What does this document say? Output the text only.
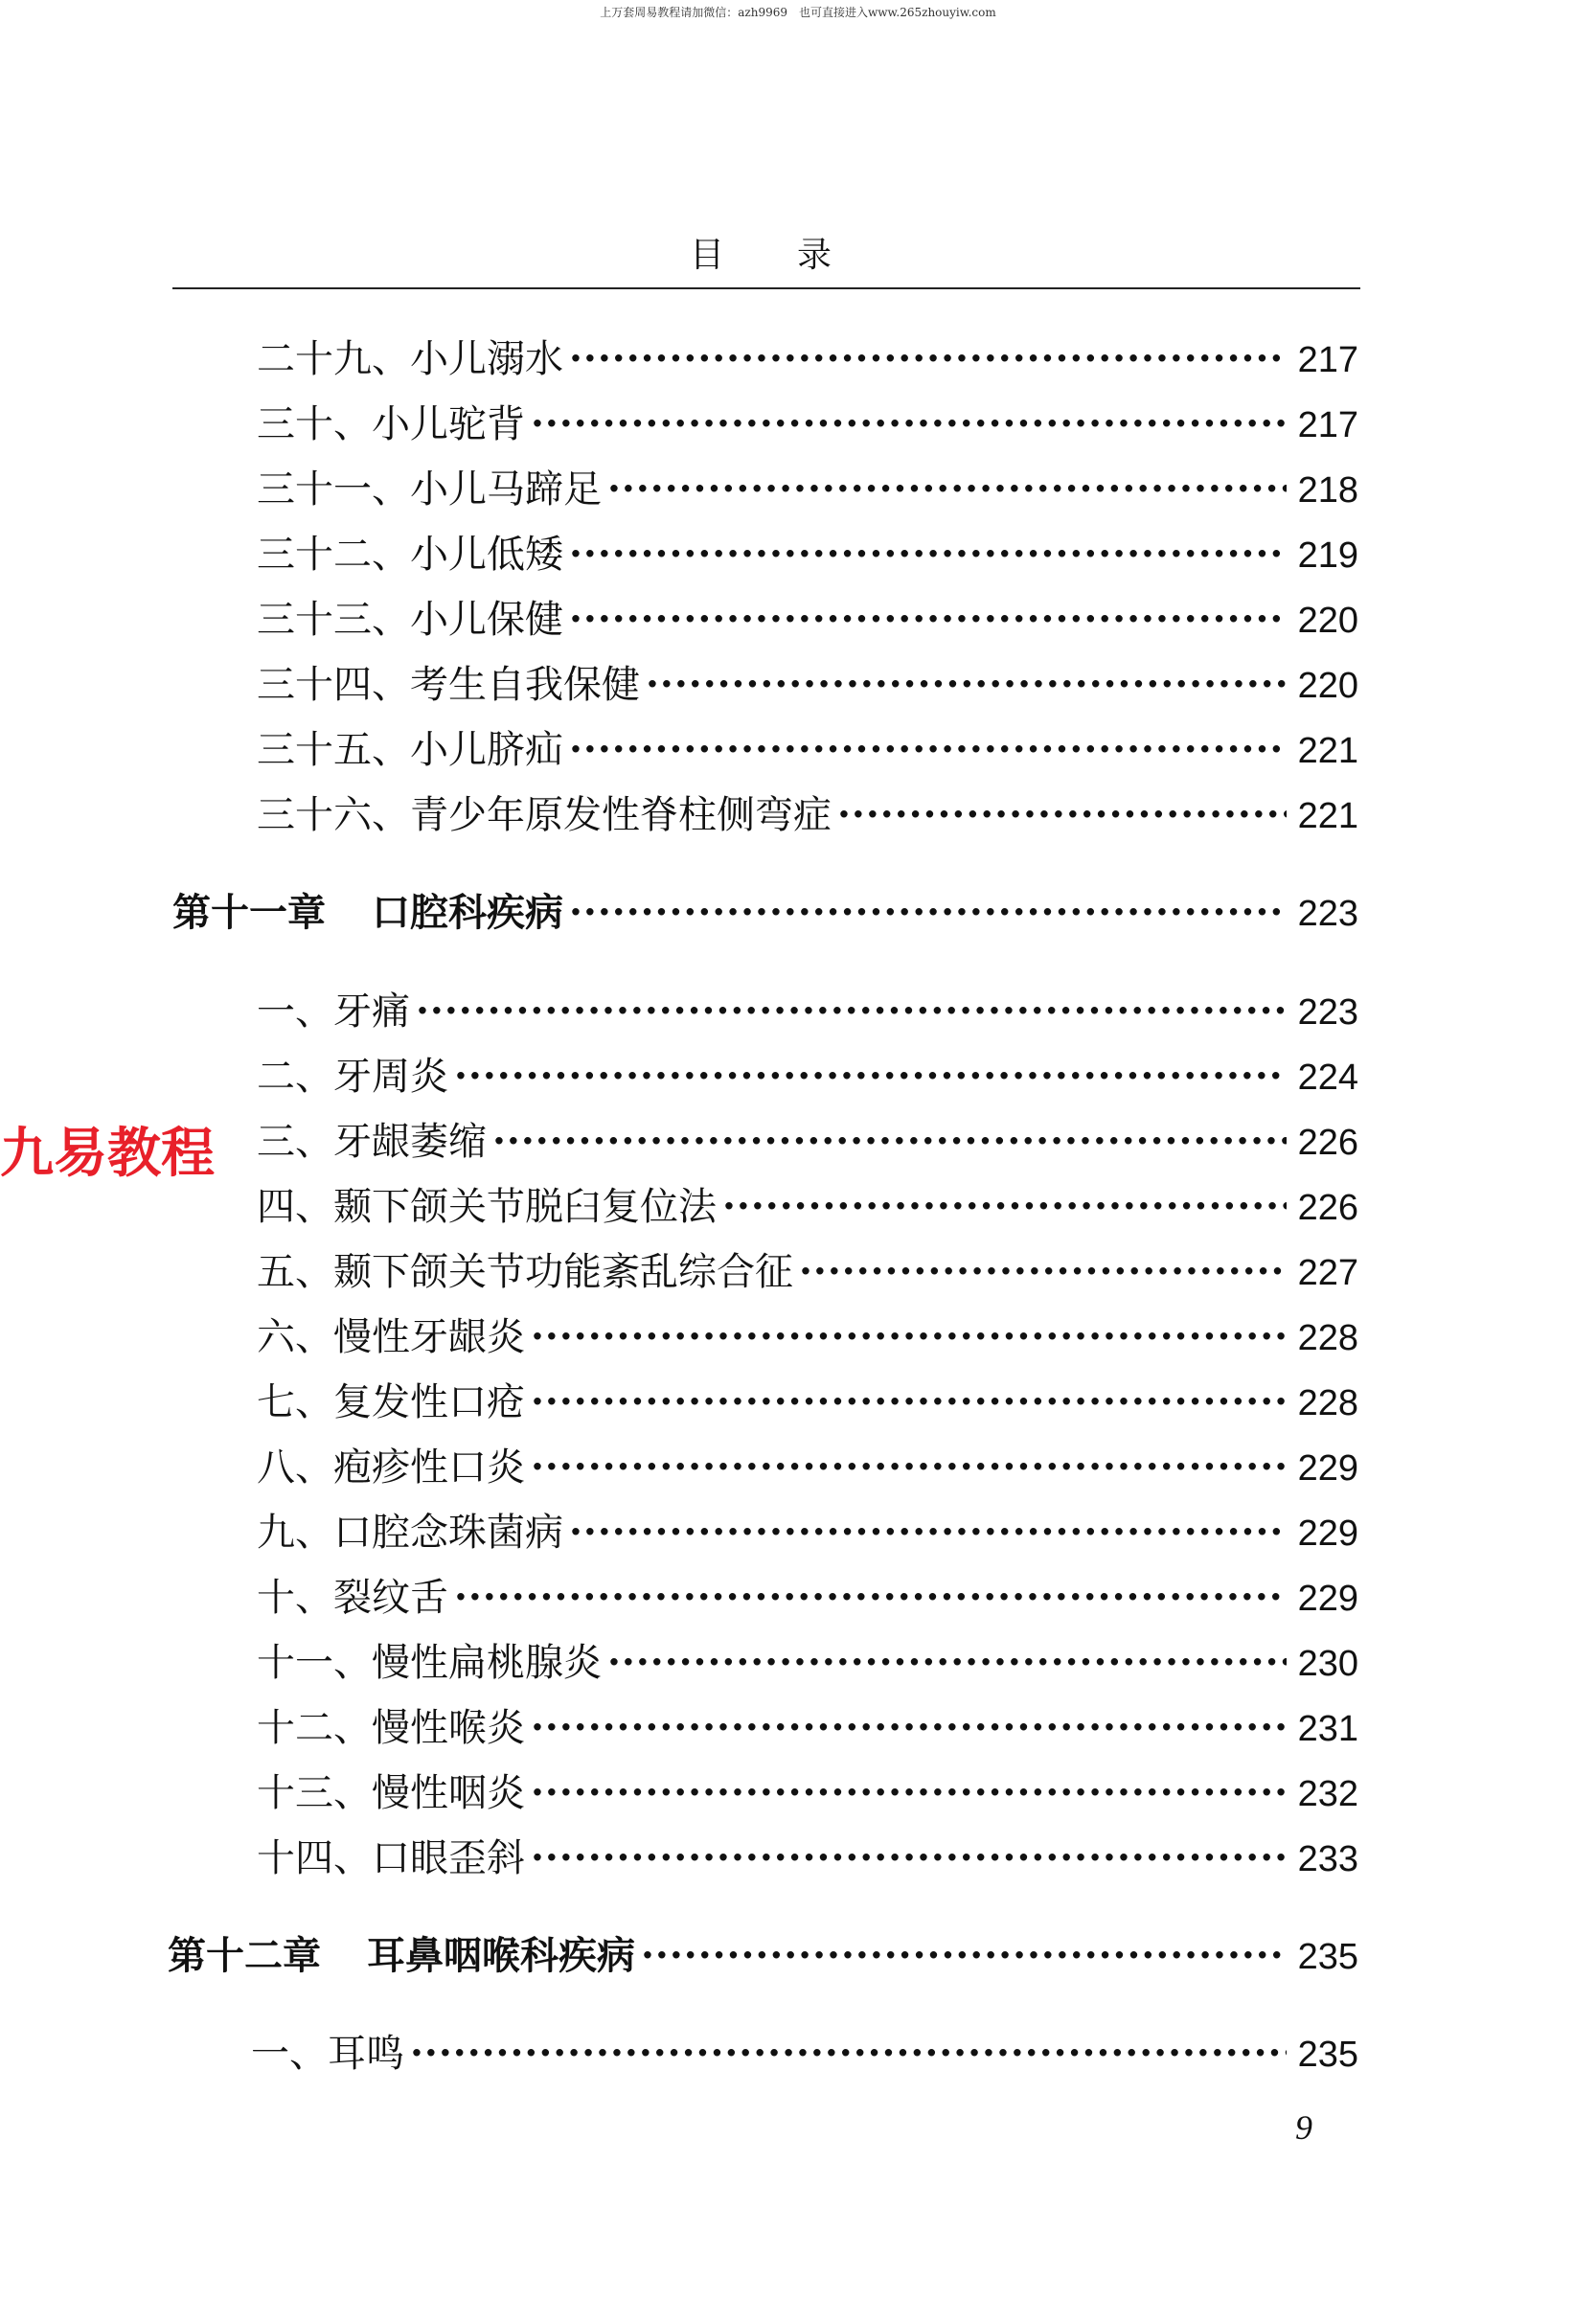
上万套周易教程请加微信：azh9969　也可直接进入www.265zhouyiw.com
目 录
九易教程
二十九、小儿溺水 ·····	217
三十、小儿驼背 ·····	217
三十一、小儿马蹄足 ·····	218
三十二、小儿低矮 ·····	219
三十三、小儿保健 ·····	220
三十四、考生自我保健 ·····	220
三十五、小儿脐疝 ·····	221
三十六、青少年原发性脊柱侧弯症 ·····	221
第十一章 口腔科疾病 ·····	223
一、牙痛 ·····	223
二、牙周炎 ·····	224
三、牙龈萎缩 ·····	226
四、颞下颌关节脱臼复位法 ·····	226
五、颞下颌关节功能紊乱综合征 ·····	227
六、慢性牙龈炎 ·····	228
七、复发性口疮 ·····	228
八、疱疹性口炎 ·····	229
九、口腔念珠菌病 ·····	229
十、裂纹舌 ·····	229
十一、慢性扁桃腺炎 ·····	230
十二、慢性喉炎 ·····	231
十三、慢性咽炎 ·····	232
十四、口眼歪斜 ·····	233
第十二章 耳鼻咽喉科疾病 ·····	235
一、耳鸣 ·····	235
9
